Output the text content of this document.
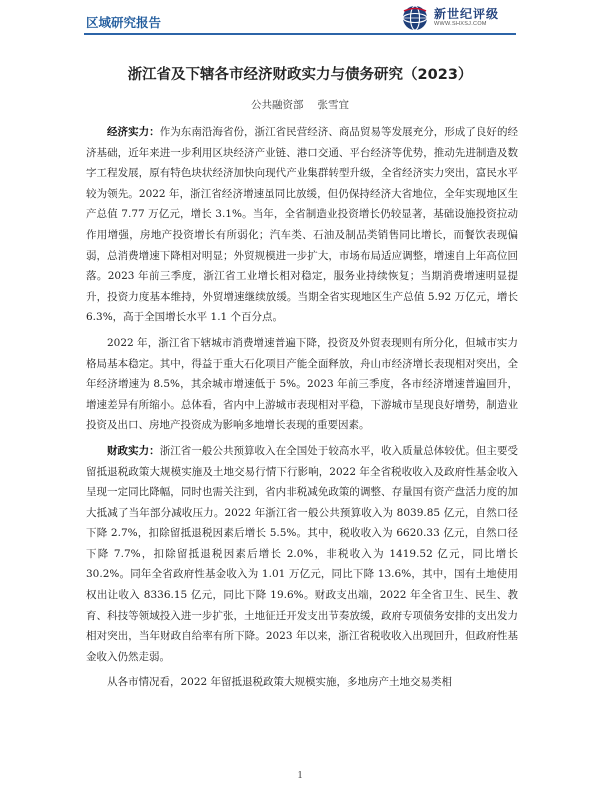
区域研究报告
新世纪评级
WWW.SHXSJ.COM
浙江省及下辖各市经济财政实力与债务研究（2023）
公共融资部 张雪宜

经济实力：作为东南沿海省份，浙江省民营经济、商品贸易等发展充分，形成了良好的经济基础，近年来进一步利用区块经济产业链、港口交通、平台经济等优势，推动先进制造及数字工程发展，原有特色块状经济加快向现代产业集群转型升级，全省经济实力突出，富民水平较为领先。2022 年，浙江省经济增速虽同比放缓，但仍保持经济大省地位，全年实现地区生产总值 7.77 万亿元，增长 3.1%。当年，全省制造业投资增长仍较显著，基础设施投资拉动作用增强，房地产投资增长有所弱化；汽车类、石油及制品类销售同比增长，而餐饮表现偏弱，总消费增速下降相对明显；外贸规模进一步扩大，市场布局适应调整，增速自上年高位回落。2023 年前三季度，浙江省工业增长相对稳定，服务业持续恢复；当期消费增速明显提升，投资力度基本维持，外贸增速继续放缓。当期全省实现地区生产总值 5.92 万亿元，增长 6.3%，高于全国增长水平 1.1 个百分点。

2022 年，浙江省下辖城市消费增速普遍下降，投资及外贸表现则有所分化，但城市实力格局基本稳定。其中，得益于重大石化项目产能全面释放，舟山市经济增长表现相对突出，全年经济增速为 8.5%，其余城市增速低于 5%。2023 年前三季度，各市经济增速普遍回升，增速差异有所缩小。总体看，省内中上游城市表现相对平稳，下游城市呈现良好增势，制造业投资及出口、房地产投资成为影响多地增长表现的重要因素。

财政实力：浙江省一般公共预算收入在全国处于较高水平，收入质量总体较优。但主要受留抵退税政策大规模实施及土地交易行情下行影响，2022 年全省税收收入及政府性基金收入呈现一定同比降幅，同时也需关注到，省内非税减免政策的调整、存量国有资产盘活力度的加大抵减了当年部分减收压力。2022 年浙江省一般公共预算收入为 8039.85 亿元，自然口径下降 2.7%，扣除留抵退税因素后增长 5.5%。其中，税收收入为 6620.33 亿元，自然口径下降 7.7%，扣除留抵退税因素后增长 2.0%，非税收入为 1419.52 亿元，同比增长 30.2%。同年全省政府性基金收入为 1.01 万亿元，同比下降 13.6%，其中，国有土地使用权出让收入 8336.15 亿元，同比下降 19.6%。财政支出端，2022 年全省卫生、民生、教育、科技等领域投入进一步扩张，土地征迁开发支出节奏放缓，政府专项债务安排的支出发力相对突出，当年财政自给率有所下降。2023 年以来，浙江省税收收入出现回升，但政府性基金收入仍然走弱。

从各市情况看，2022 年留抵退税政策大规模实施，多地房产土地交易类相

1
